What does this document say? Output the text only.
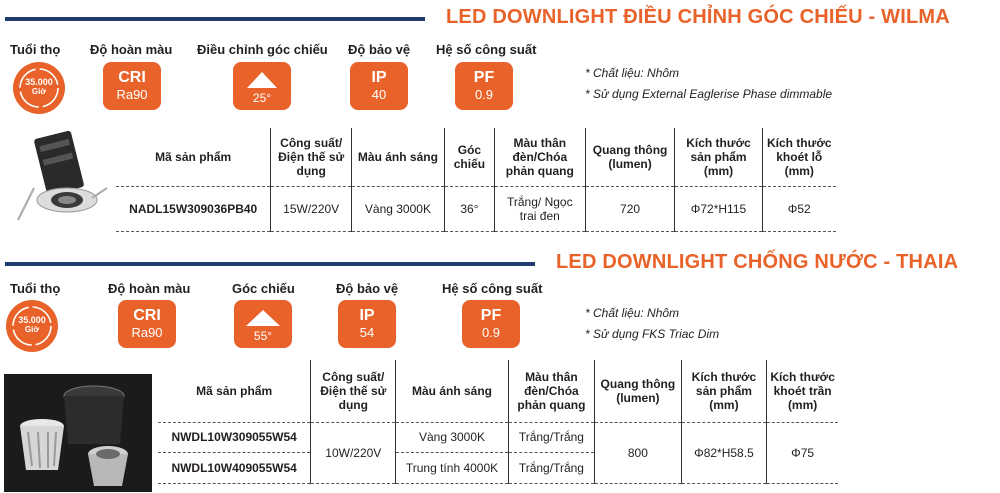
LED DOWNLIGHT ĐIỀU CHỈNH GÓC CHIẾU - WILMA
Tuổi thọ Độ hoàn màu Điều chỉnh góc chiếu Độ bảo vệ Hệ số công suất
35.000
Giờ
CRI
Ra90	25°
IP
40
PF
0.9
* Chất liệu: Nhôm
* Sử dụng External Eaglerise Phase dimmable
Mã sản phẩm	Công suất/ Điện thế sử dụng	Màu ánh sáng	Góc chiếu	Màu thân đèn/Chóa phản quang	Quang thông (lumen)	Kích thước sản phẩm (mm)	Kích thước khoét lỗ (mm)
NADL15W309036PB40	15W/220V	Vàng 3000K	36°	Trắng/ Ngọc trai đen	720	Φ72*H115	Φ52
LED DOWNLIGHT CHỐNG NƯỚC - THAIA
Tuổi thọ	Độ hoàn màu	Góc chiếu	Độ bảo vệ	Hệ số công suất
35.000
Giờ
CRI
Ra90	55°
IP
54
PF
0.9
* Chất liệu: Nhôm
* Sử dụng FKS Triac Dim
Mã sản phẩm	Công suất/ Điện thế sử dụng	Màu ánh sáng	Màu thân đèn/Chóa phản quang	Quang thông (lumen)	Kích thước sản phẩm (mm)	Kích thước khoét trần (mm)
NWDL10W309055W54	10W/220V	Vàng 3000K	Trắng/Trắng	800	Φ82*H58.5	Φ75
NWDL10W409055W54		Trung tính 4000K	Trắng/Trắng			
